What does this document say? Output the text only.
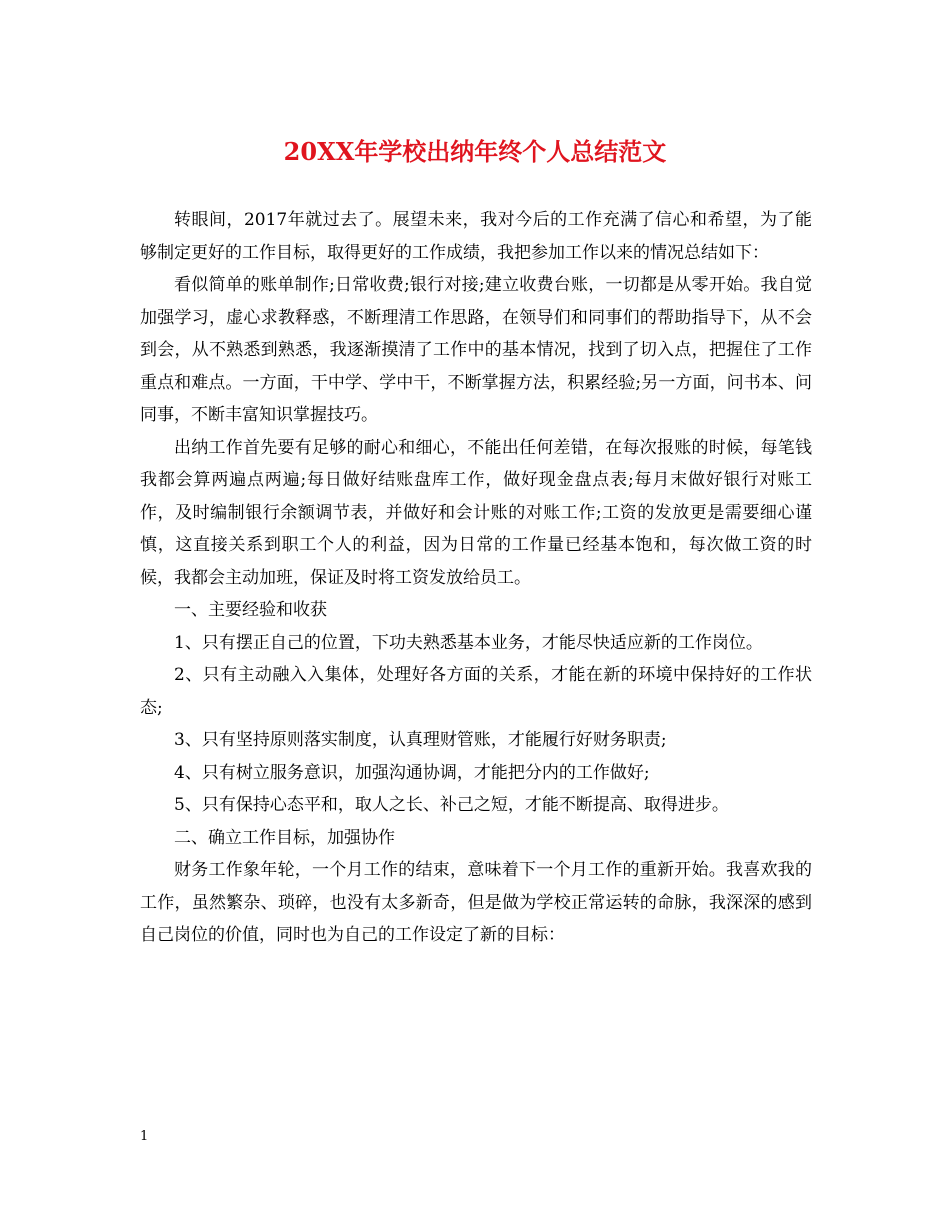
20XX年学校出纳年终个人总结范文

转眼间，2017年就过去了。展望未来，我对今后的工作充满了信心和希望，为了能够制定更好的工作目标，取得更好的工作成绩，我把参加工作以来的情况总结如下：

看似简单的账单制作;日常收费;银行对接;建立收费台账，一切都是从零开始。我自觉加强学习，虚心求教释惑，不断理清工作思路，在领导们和同事们的帮助指导下，从不会到会，从不熟悉到熟悉，我逐渐摸清了工作中的基本情况，找到了切入点，把握住了工作重点和难点。一方面，干中学、学中干，不断掌握方法，积累经验;另一方面，问书本、问同事，不断丰富知识掌握技巧。

出纳工作首先要有足够的耐心和细心，不能出任何差错，在每次报账的时候，每笔钱我都会算两遍点两遍;每日做好结账盘库工作，做好现金盘点表;每月末做好银行对账工作，及时编制银行余额调节表，并做好和会计账的对账工作;工资的发放更是需要细心谨慎，这直接关系到职工个人的利益，因为日常的工作量已经基本饱和，每次做工资的时候，我都会主动加班，保证及时将工资发放给员工。

一、主要经验和收获

1、只有摆正自己的位置，下功夫熟悉基本业务，才能尽快适应新的工作岗位。

2、只有主动融入入集体，处理好各方面的关系，才能在新的环境中保持好的工作状态;

3、只有坚持原则落实制度，认真理财管账，才能履行好财务职责;

4、只有树立服务意识，加强沟通协调，才能把分内的工作做好;

5、只有保持心态平和，取人之长、补己之短，才能不断提高、取得进步。

二、确立工作目标，加强协作

财务工作象年轮，一个月工作的结束，意味着下一个月工作的重新开始。我喜欢我的工作，虽然繁杂、琐碎，也没有太多新奇，但是做为学校正常运转的命脉，我深深的感到自己岗位的价值，同时也为自己的工作设定了新的目标：

1
